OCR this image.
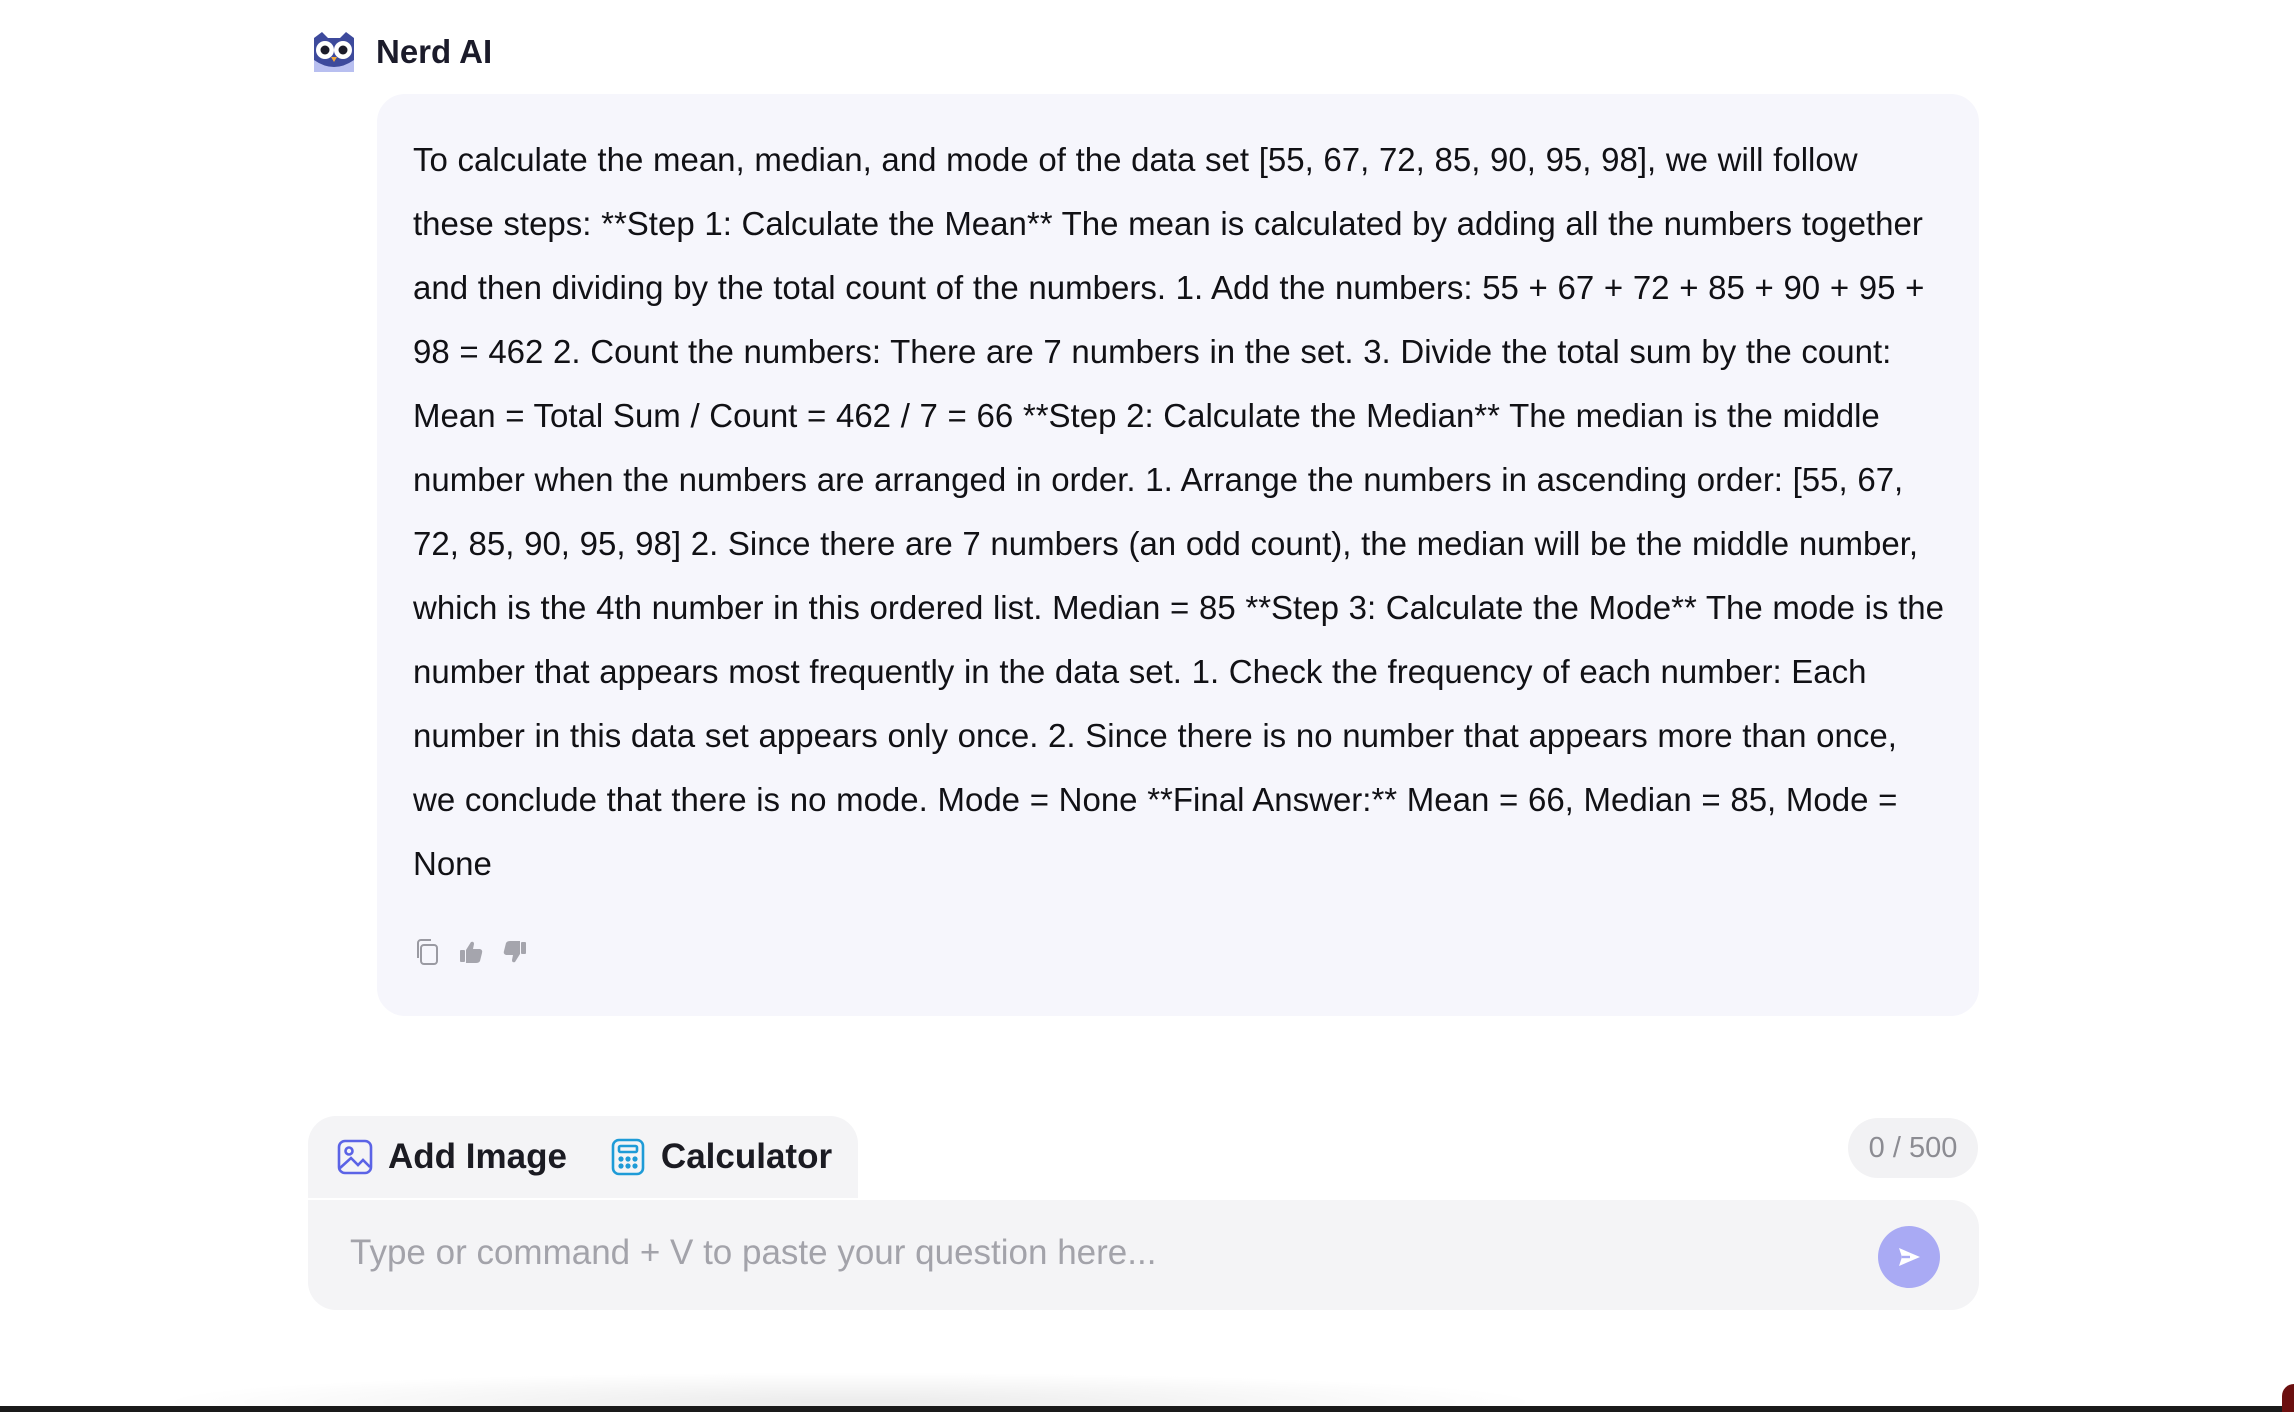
Nerd AI
To calculate the mean, median, and mode of the data set [55, 67, 72, 85, 90, 95, 98], we will follow these steps: **Step 1: Calculate the Mean** The mean is calculated by adding all the numbers together and then dividing by the total count of the numbers. 1. Add the numbers: 55 + 67 + 72 + 85 + 90 + 95 + 98 = 462 2. Count the numbers: There are 7 numbers in the set. 3. Divide the total sum by the count: Mean = Total Sum / Count = 462 / 7 = 66 **Step 2: Calculate the Median** The median is the middle number when the numbers are arranged in order. 1. Arrange the numbers in ascending order: [55, 67, 72, 85, 90, 95, 98] 2. Since there are 7 numbers (an odd count), the median will be the middle number, which is the 4th number in this ordered list. Median = 85 **Step 3: Calculate the Mode** The mode is the number that appears most frequently in the data set. 1. Check the frequency of each number: Each number in this data set appears only once. 2. Since there is no number that appears more than once, we conclude that there is no mode. Mode = None **Final Answer:** Mean = 66, Median = 85, Mode = None
Add Image	Calculator	0 / 500
Type or command + V to paste your question here...
